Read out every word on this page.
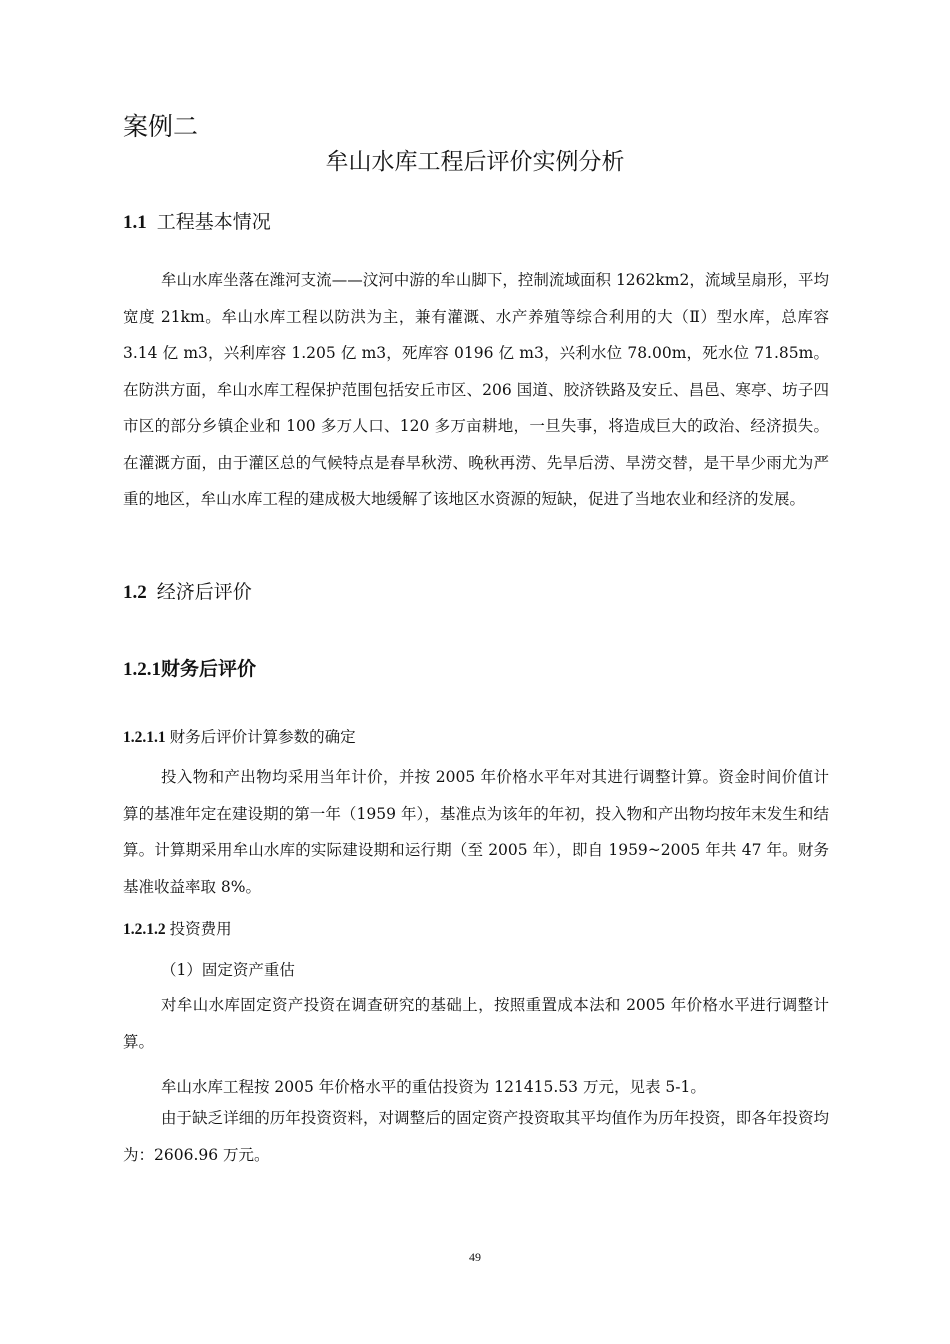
案例二
牟山水库工程后评价实例分析
1.1 工程基本情况

牟山水库坐落在潍河支流——汶河中游的牟山脚下，控制流域面积 1262km2，流域呈扇形，平均宽度 21km。牟山水库工程以防洪为主，兼有灌溉、水产养殖等综合利用的大（Ⅱ）型水库，总库容 3.14 亿 m3，兴利库容 1.205 亿 m3，死库容 0196 亿 m3，兴利水位 78.00m，死水位 71.85m。在防洪方面，牟山水库工程保护范围包括安丘市区、206 国道、胶济铁路及安丘、昌邑、寒亭、坊子四市区的部分乡镇企业和 100 多万人口、120 多万亩耕地，一旦失事，将造成巨大的政治、经济损失。在灌溉方面，由于灌区总的气候特点是春旱秋涝、晚秋再涝、先旱后涝、旱涝交替，是干旱少雨尤为严重的地区，牟山水库工程的建成极大地缓解了该地区水资源的短缺，促进了当地农业和经济的发展。

1.2 经济后评价
1.2.1财务后评价
1.2.1.1 财务后评价计算参数的确定

投入物和产出物均采用当年计价，并按 2005 年价格水平年对其进行调整计算。资金时间价值计算的基准年定在建设期的第一年（1959 年），基准点为该年的年初，投入物和产出物均按年末发生和结算。计算期采用牟山水库的实际建设期和运行期（至 2005 年），即自 1959~2005 年共 47 年。财务基准收益率取 8%。

1.2.1.2 投资费用

（1）固定资产重估

对牟山水库固定资产投资在调查研究的基础上，按照重置成本法和 2005 年价格水平进行调整计算。

牟山水库工程按 2005 年价格水平的重估投资为 121415.53 万元，见表 5-1。

由于缺乏详细的历年投资资料，对调整后的固定资产投资取其平均值作为历年投资，即各年投资均为：2606.96 万元。

49
